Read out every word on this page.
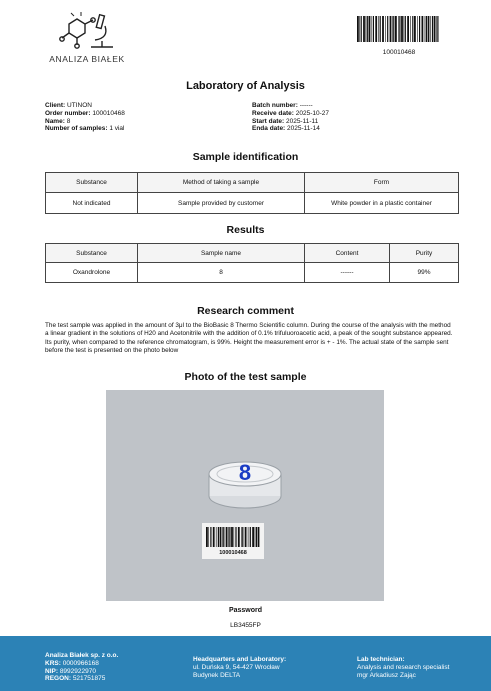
ANALIZA BIAŁEK
100010468
Laboratory of Analysis
Client: UTINON
Order number: 100010468
Name: 8
Number of samples: 1 vial
Batch number: ------
Receive date: 2025-10-27
Start date: 2025-11-11
Enda date: 2025-11-14
Sample identification
Substance	Method of taking a sample	Form
Not indicated	Sample provided by customer	White powder in a plastic container
Results
Substance	Sample name	Content	Purity
Oxandrolone	8	------	99%
Research comment
The test sample was applied in the amount of 3μl to the BioBasic 8 Thermo Scientific column. During the course of the analysis with the method a linear gradient in the solutions of H20 and Acetonitrile with the addition of 0.1% trifuluoroacetic acid, a peak of the sought substance appeared. Its purity, when compared to the reference chromatogram, is 99%. Height the measurement error is + - 1%. The actual state of the sample sent before the test is presented on the photo below
Photo of the test sample
8
100010468
Password
LB3455FP
Analiza Białek sp. z o.o.
KRS: 0000966168
NIP: 8992922970
REGON: 521751875
Headquarters and Laboratory:
ul. Duńska 9, 54-427 Wrocław
Budynek DELTA
Lab technician:
Analysis and research specialist
mgr Arkadiusz Zając
